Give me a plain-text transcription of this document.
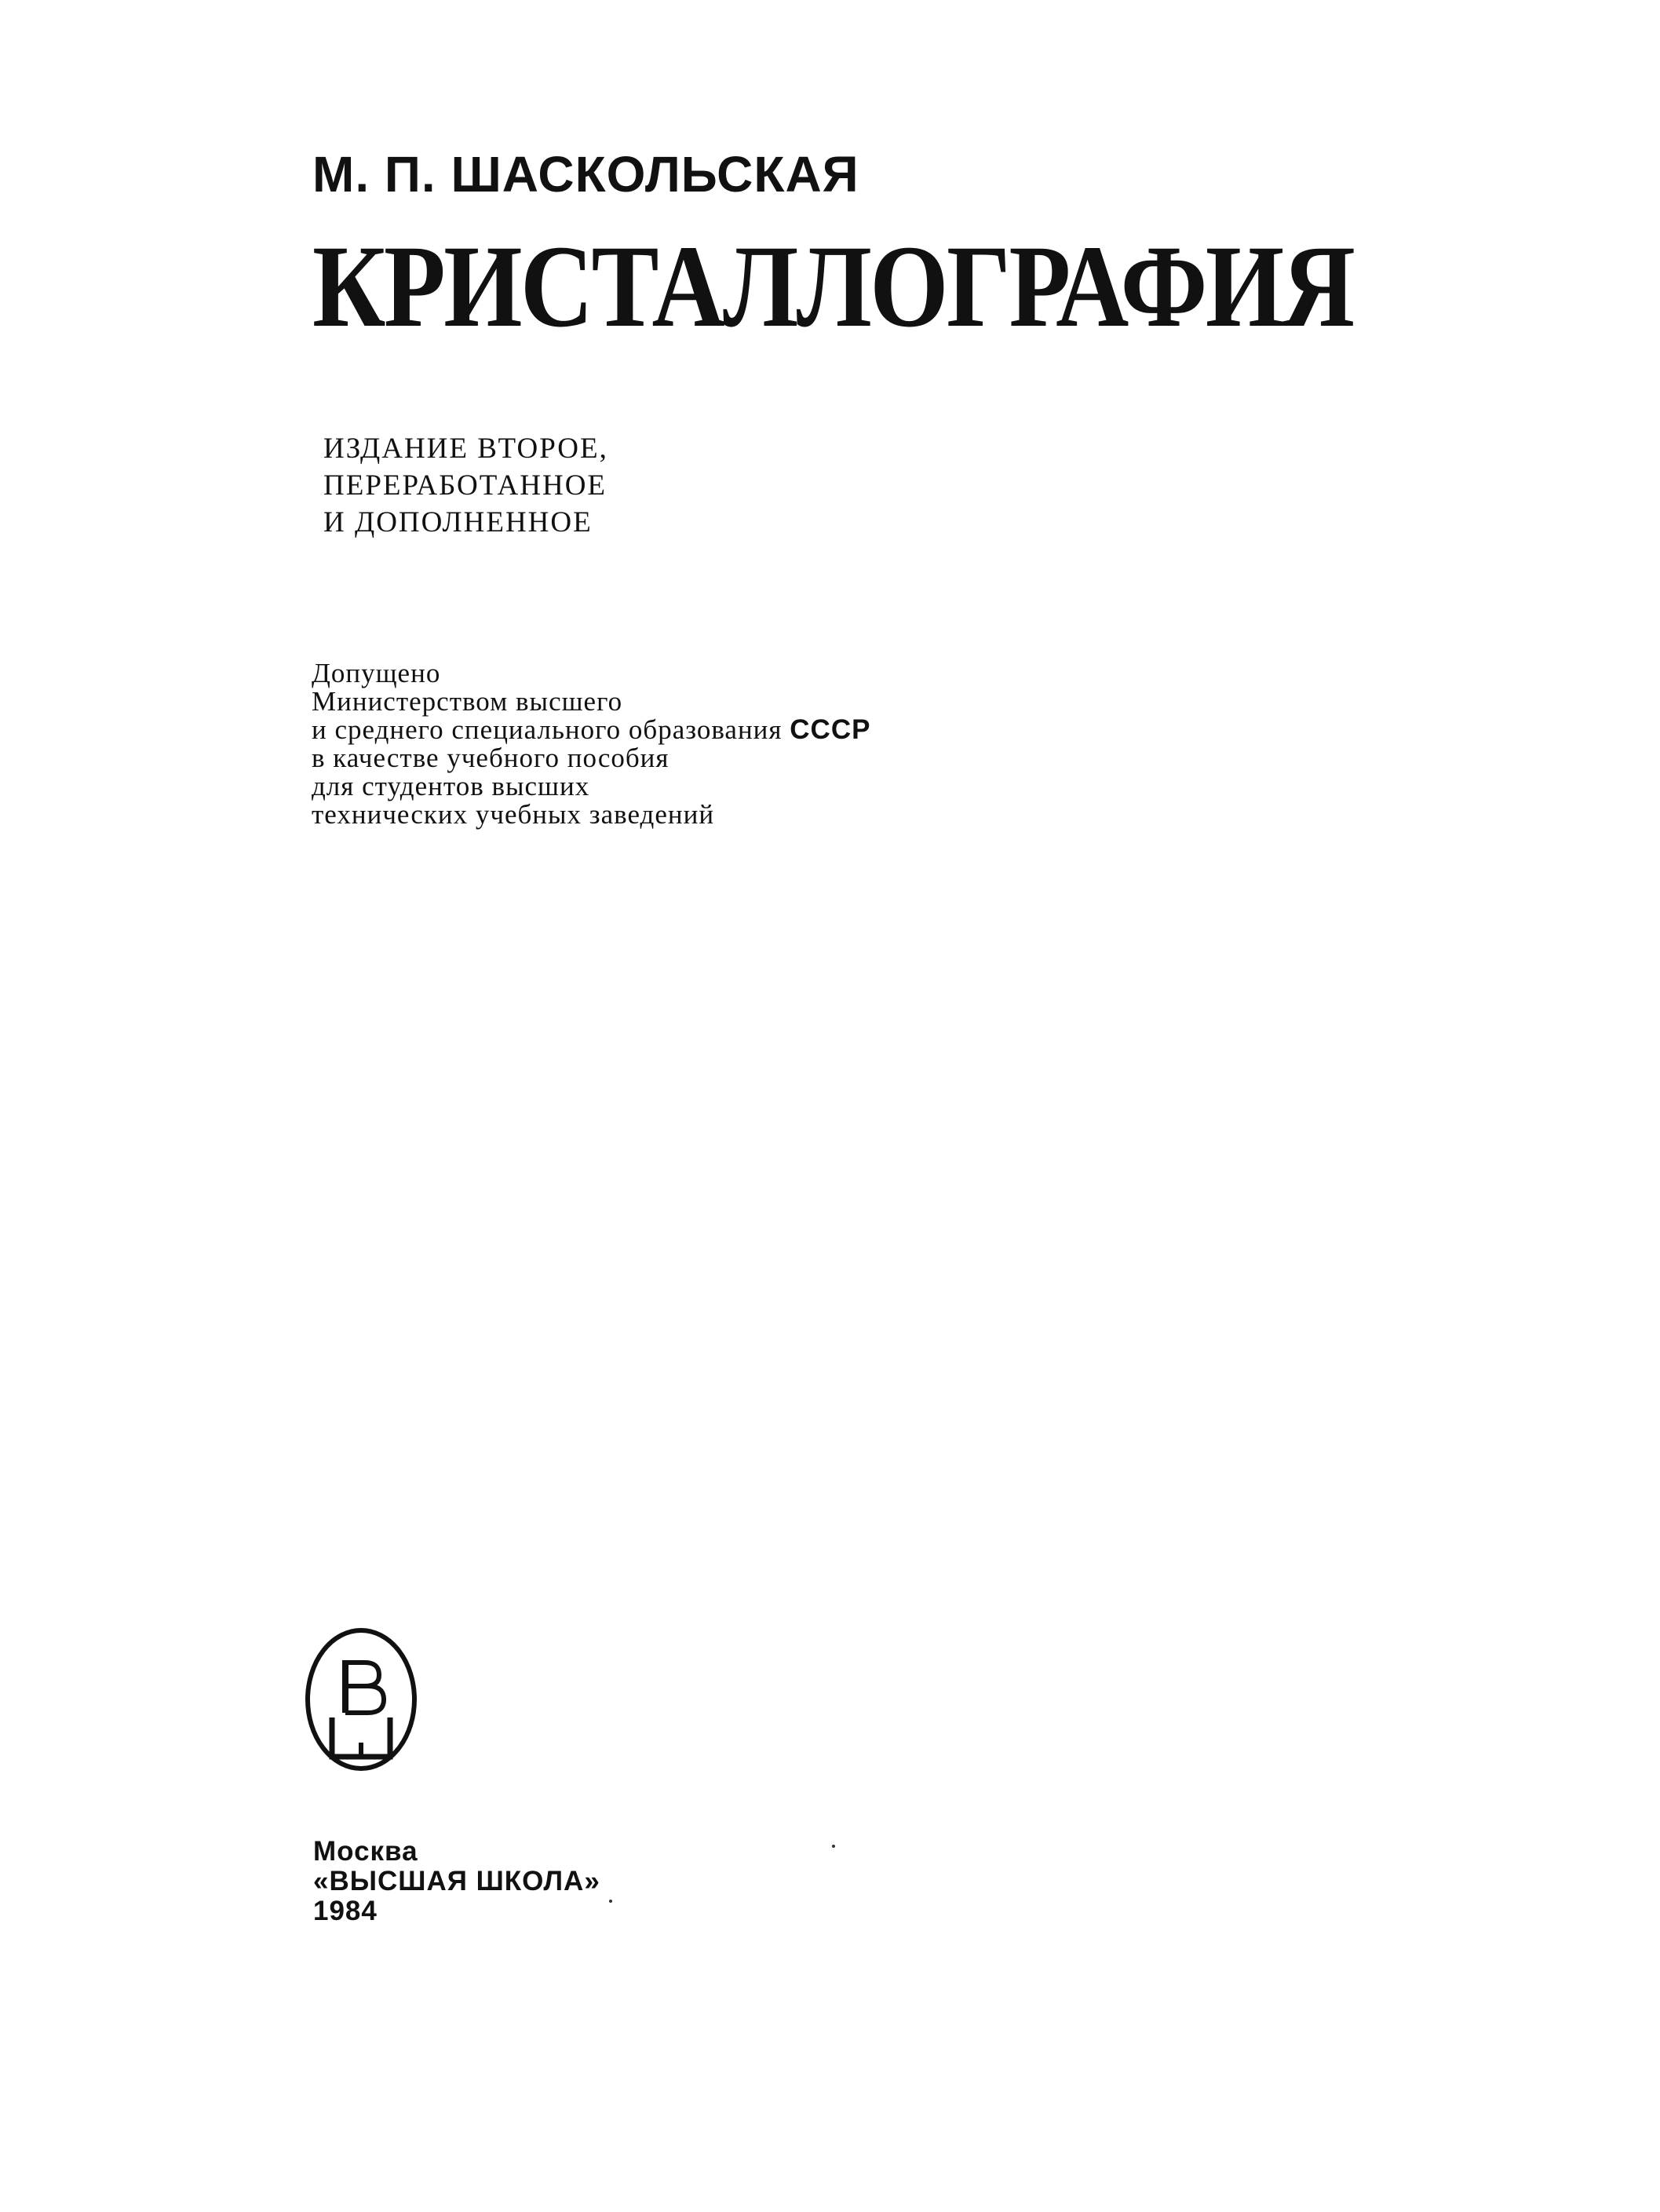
М. П. ШАСКОЛЬСКАЯ
КРИСТАЛЛОГРАФИЯ
ИЗДАНИЕ ВТОРОЕ,
ПЕРЕРАБОТАННОЕ
И ДОПОЛНЕННОЕ
Допущено
Министерством высшего
и среднего специального образования СССР
в качестве учебного пособия
для студентов высших
технических учебных заведений
Москва
«ВЫСШАЯ ШКОЛА»
1984
